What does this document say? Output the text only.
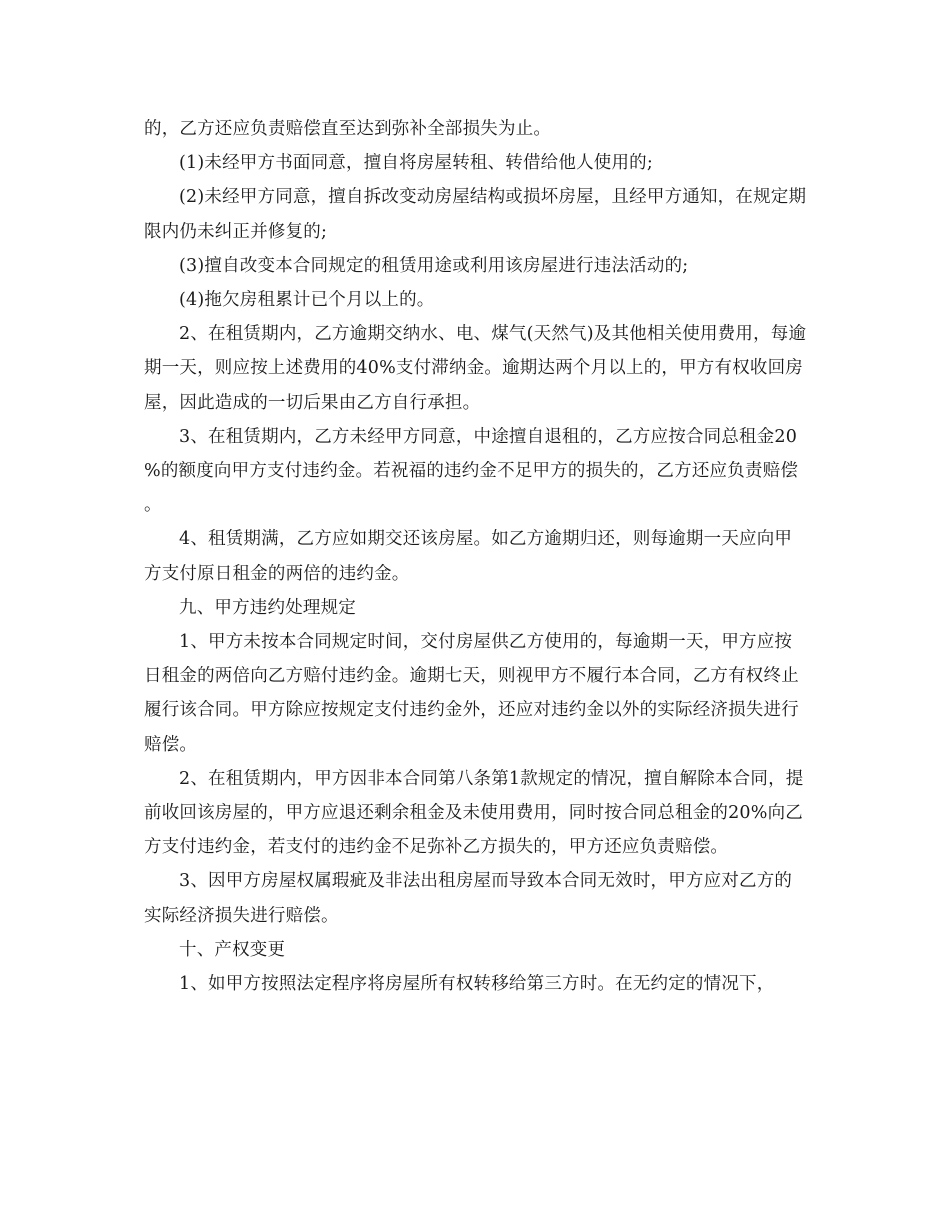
的，乙方还应负责赔偿直至达到弥补全部损失为止。

(1)未经甲方书面同意，擅自将房屋转租、转借给他人使用的;

(2)未经甲方同意，擅自拆改变动房屋结构或损坏房屋，且经甲方通知，在规定期限内仍未纠正并修复的;

(3)擅自改变本合同规定的租赁用途或利用该房屋进行违法活动的;

(4)拖欠房租累计已个月以上的。

2、在租赁期内，乙方逾期交纳水、电、煤气(天然气)及其他相关使用费用，每逾期一天，则应按上述费用的40%支付滞纳金。逾期达两个月以上的，甲方有权收回房屋，因此造成的一切后果由乙方自行承担。

3、在租赁期内，乙方未经甲方同意，中途擅自退租的，乙方应按合同总租金20%的额度向甲方支付违约金。若祝福的违约金不足甲方的损失的，乙方还应负责赔偿。

4、租赁期满，乙方应如期交还该房屋。如乙方逾期归还，则每逾期一天应向甲方支付原日租金的两倍的违约金。

九、甲方违约处理规定

1、甲方未按本合同规定时间，交付房屋供乙方使用的，每逾期一天，甲方应按日租金的两倍向乙方赔付违约金。逾期七天，则视甲方不履行本合同，乙方有权终止履行该合同。甲方除应按规定支付违约金外，还应对违约金以外的实际经济损失进行赔偿。

2、在租赁期内，甲方因非本合同第八条第1款规定的情况，擅自解除本合同，提前收回该房屋的，甲方应退还剩余租金及未使用费用，同时按合同总租金的20%向乙方支付违约金，若支付的违约金不足弥补乙方损失的，甲方还应负责赔偿。

3、因甲方房屋权属瑕疵及非法出租房屋而导致本合同无效时，甲方应对乙方的实际经济损失进行赔偿。

十、产权变更

1、如甲方按照法定程序将房屋所有权转移给第三方时。在无约定的情况下，
